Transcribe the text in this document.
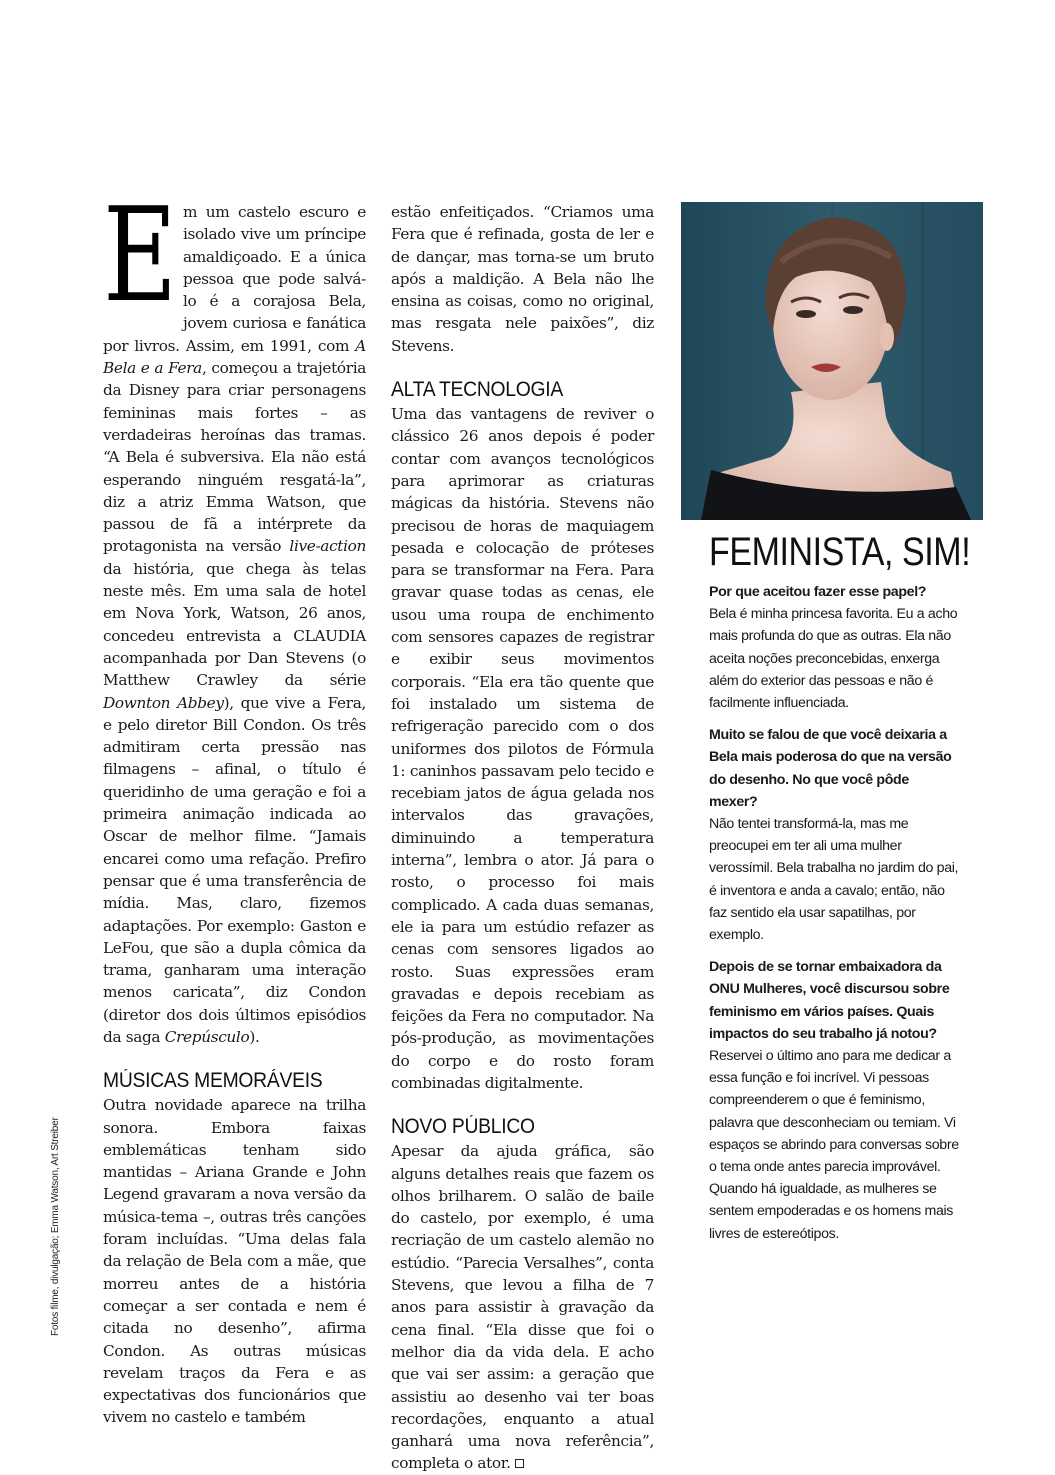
E m um castelo escuro e isolado vive um príncipe amaldiçoado. E a única pessoa que pode salvá-lo é a corajosa Bela, jovem curiosa e fanática por livros. Assim, em 1991, com A Bela e a Fera, começou a trajetória da Disney para criar personagens femininas mais fortes – as verdadeiras heroínas das tramas. “A Bela é subversiva. Ela não está esperando ninguém resgatá-la”, diz a atriz Emma Watson, que passou de fã a intérprete da protagonista na versão live-action da história, que chega às telas neste mês. Em uma sala de hotel em Nova York, Watson, 26 anos, concedeu entrevista a CLAUDIA acompanhada por Dan Stevens (o Matthew Crawley da série Downton Abbey), que vive a Fera, e pelo diretor Bill Condon. Os três admitiram certa pressão nas filmagens – afinal, o título é queridinho de uma geração e foi a primeira animação indicada ao Oscar de melhor filme. “Jamais encarei como uma refação. Prefiro pensar que é uma transferência de mídia. Mas, claro, fizemos adaptações. Por exemplo: Gaston e LeFou, que são a dupla cômica da trama, ganharam uma interação menos caricata”, diz Condon (diretor dos dois últimos episódios da saga Crepúsculo).

MÚSICAS MEMORÁVEIS

Outra novidade aparece na trilha sonora. Embora faixas emblemáticas tenham sido mantidas – Ariana Grande e John Legend gravaram a nova versão da música-tema –, outras três canções foram incluídas. “Uma delas fala da relação de Bela com a mãe, que morreu antes de a história começar a ser contada e nem é citada no desenho”, afirma Condon. As outras músicas revelam traços da Fera e as expectativas dos funcionários que vivem no castelo e também

estão enfeitiçados. “Criamos uma Fera que é refinada, gosta de ler e de dançar, mas torna-se um bruto após a maldição. A Bela não lhe ensina as coisas, como no original, mas resgata nele paixões”, diz Stevens.

ALTA TECNOLOGIA

Uma das vantagens de reviver o clássico 26 anos depois é poder contar com avanços tecnológicos para aprimorar as criaturas mágicas da história. Stevens não precisou de horas de maquiagem pesada e colocação de próteses para se transformar na Fera. Para gravar quase todas as cenas, ele usou uma roupa de enchimento com sensores capazes de registrar e exibir seus movimentos corporais. “Ela era tão quente que foi instalado um sistema de refrigeração parecido com o dos uniformes dos pilotos de Fórmula 1: caninhos passavam pelo tecido e recebiam jatos de água gelada nos intervalos das gravações, diminuindo a temperatura interna”, lembra o ator. Já para o rosto, o processo foi mais complicado. A cada duas semanas, ele ia para um estúdio refazer as cenas com sensores ligados ao rosto. Suas expressões eram gravadas e depois recebiam as feições da Fera no computador. Na pós-produção, as movimentações do corpo e do rosto foram combinadas digitalmente.

NOVO PÚBLICO

Apesar da ajuda gráfica, são alguns detalhes reais que fazem os olhos brilharem. O salão de baile do castelo, por exemplo, é uma recriação de um castelo alemão no estúdio. “Parecia Versalhes”, conta Stevens, que levou a filha de 7 anos para assistir à gravação da cena final. “Ela disse que foi o melhor dia da vida dela. E acho que vai ser assim: a geração que assistiu ao desenho vai ter boas recordações, enquanto a atual ganhará uma nova referência”, completa o ator.

FEMINISTA, SIM!

Por que aceitou fazer esse papel?

Bela é minha princesa favorita. Eu a acho mais profunda do que as outras. Ela não aceita noções preconcebidas, enxerga além do exterior das pessoas e não é facilmente influenciada.

Muito se falou de que você deixaria a Bela mais poderosa do que na versão do desenho. No que você pôde mexer?

Não tentei transformá-la, mas me preocupei em ter ali uma mulher verossímil. Bela trabalha no jardim do pai, é inventora e anda a cavalo; então, não faz sentido ela usar sapatilhas, por exemplo.

Depois de se tornar embaixadora da ONU Mulheres, você discursou sobre feminismo em vários países. Quais impactos do seu trabalho já notou?

Reservei o último ano para me dedicar a essa função e foi incrível. Vi pessoas compreenderem o que é feminismo, palavra que desconheciam ou temiam. Vi espaços se abrindo para conversas sobre o tema onde antes parecia improvável. Quando há igualdade, as mulheres se sentem empoderadas e os homens mais livres de estereótipos.

Fotos filme, divulgação; Emma Watson, Art Streiber
